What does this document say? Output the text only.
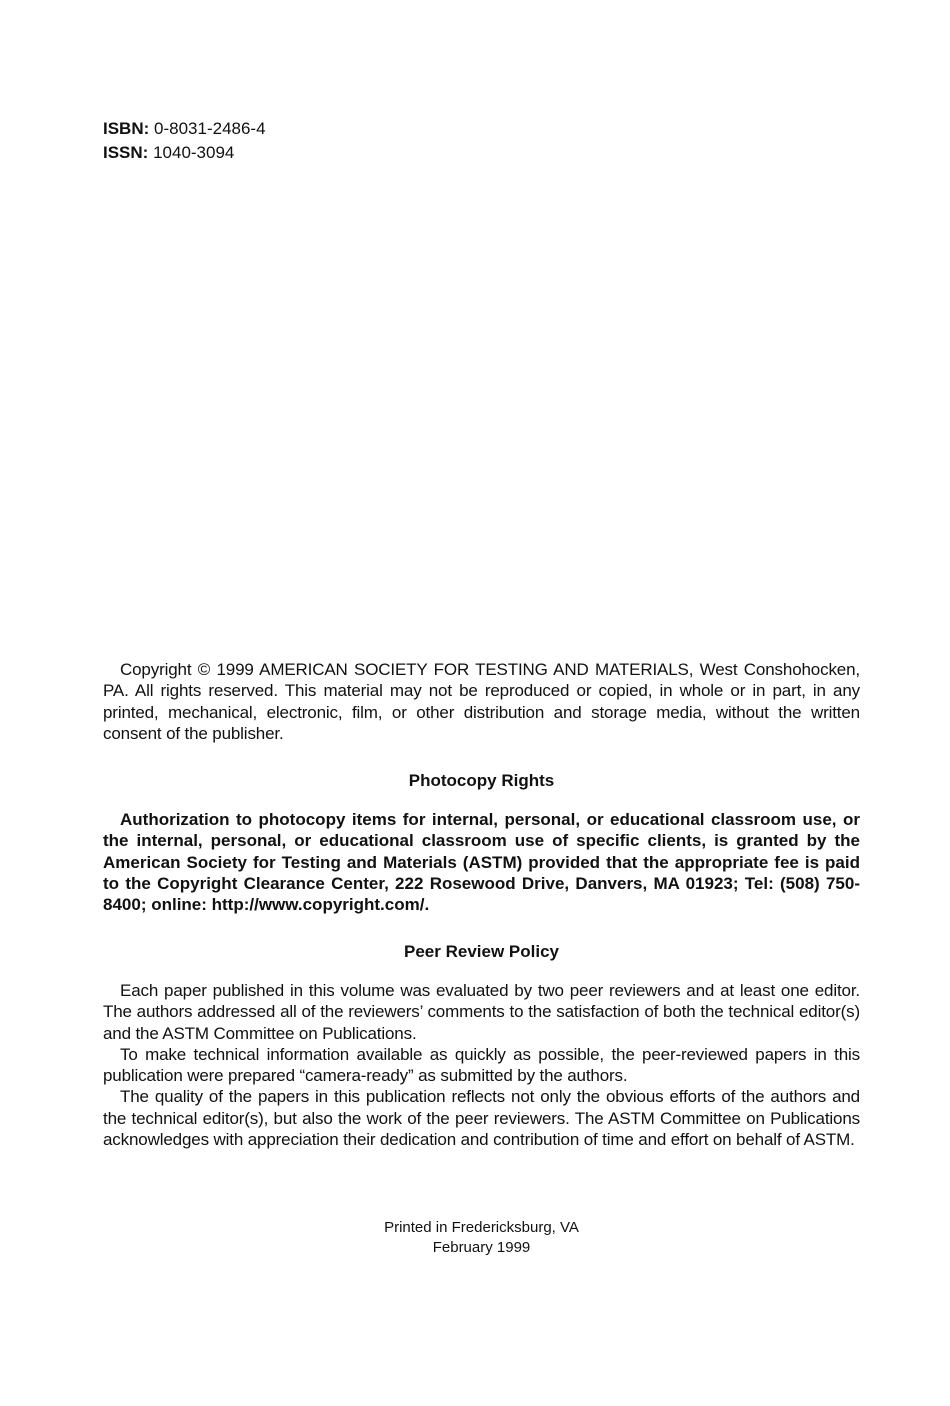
ISBN: 0-8031-2486-4
ISSN: 1040-3094

Copyright © 1999 AMERICAN SOCIETY FOR TESTING AND MATERIALS, West Conshohocken, PA. All rights reserved. This material may not be reproduced or copied, in whole or in part, in any printed, mechanical, electronic, film, or other distribution and storage media, without the written consent of the publisher.

Photocopy Rights

Authorization to photocopy items for internal, personal, or educational classroom use, or the internal, personal, or educational classroom use of specific clients, is granted by the American Society for Testing and Materials (ASTM) provided that the appropriate fee is paid to the Copyright Clearance Center, 222 Rosewood Drive, Danvers, MA 01923; Tel: (508) 750-8400; online: http://www.copyright.com/.

Peer Review Policy

Each paper published in this volume was evaluated by two peer reviewers and at least one editor. The authors addressed all of the reviewers’ comments to the satisfaction of both the technical editor(s) and the ASTM Committee on Publications.

To make technical information available as quickly as possible, the peer-reviewed papers in this publication were prepared “camera-ready” as submitted by the authors.

The quality of the papers in this publication reflects not only the obvious efforts of the authors and the technical editor(s), but also the work of the peer reviewers. The ASTM Committee on Publications acknowledges with appreciation their dedication and contribution of time and effort on behalf of ASTM.

Printed in Fredericksburg, VA
February 1999
